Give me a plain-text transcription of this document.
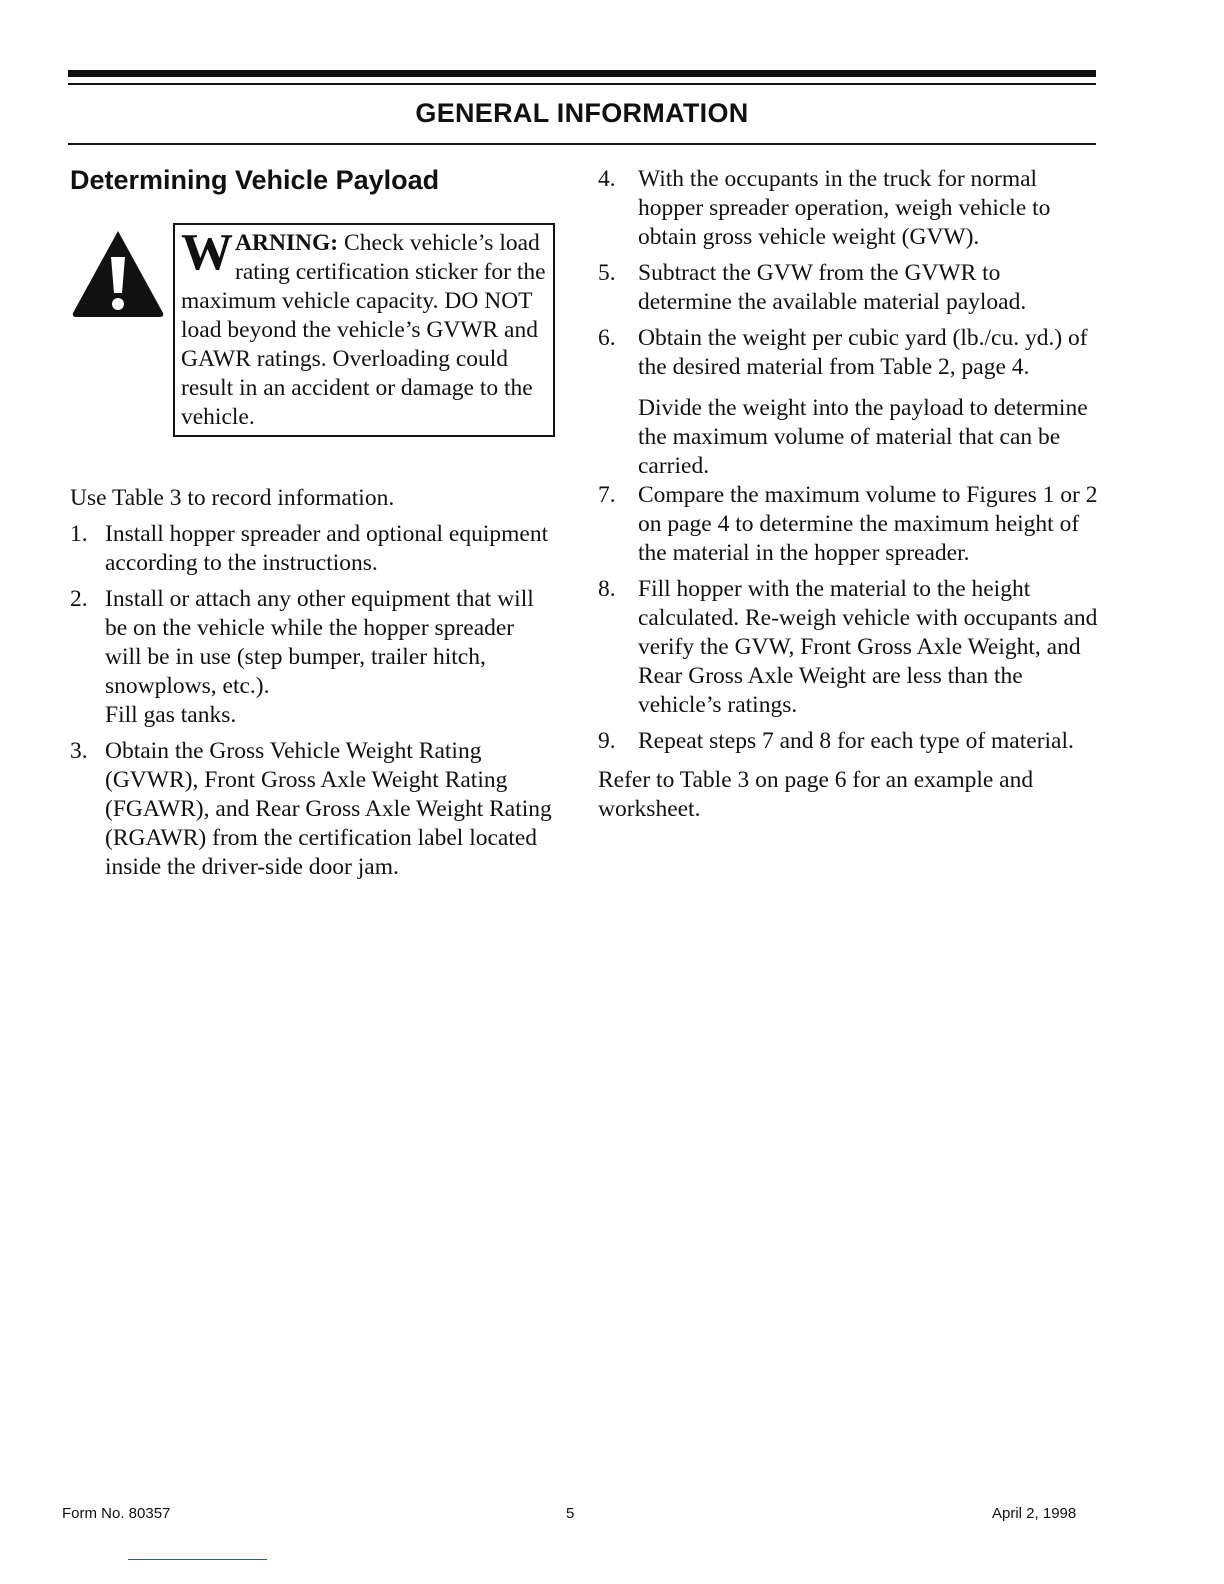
GENERAL INFORMATION
Determining Vehicle Payload
WARNING: Check vehicle’s load rating certification sticker for the maximum vehicle capacity. DO NOT load beyond the vehicle’s GVWR and GAWR ratings. Overloading could result in an accident or damage to the vehicle.

Use Table 3 to record information.

1. Install hopper spreader and optional equipment according to the instructions.
2. Install or attach any other equipment that will be on the vehicle while the hopper spreader will be in use (step bumper, trailer hitch, snowplows, etc.).
Fill gas tanks.
3. Obtain the Gross Vehicle Weight Rating (GVWR), Front Gross Axle Weight Rating (FGAWR), and Rear Gross Axle Weight Rating (RGAWR) from the certification label located inside the driver-side door jam.
4. With the occupants in the truck for normal hopper spreader operation, weigh vehicle to obtain gross vehicle weight (GVW).
5. Subtract the GVW from the GVWR to determine the available material payload.
6. Obtain the weight per cubic yard (lb./cu. yd.) of the desired material from Table 2, page 4.
Divide the weight into the payload to determine the maximum volume of material that can be carried.
7. Compare the maximum volume to Figures 1 or 2 on page 4 to determine the maximum height of the material in the hopper spreader.
8. Fill hopper with the material to the height calculated. Re-weigh vehicle with occupants and verify the GVW, Front Gross Axle Weight, and Rear Gross Axle Weight are less than the vehicle’s ratings.
9. Repeat steps 7 and 8 for each type of material.

Refer to Table 3 on page 6 for an example and worksheet.

Form No. 80357	5	April 2, 1998
